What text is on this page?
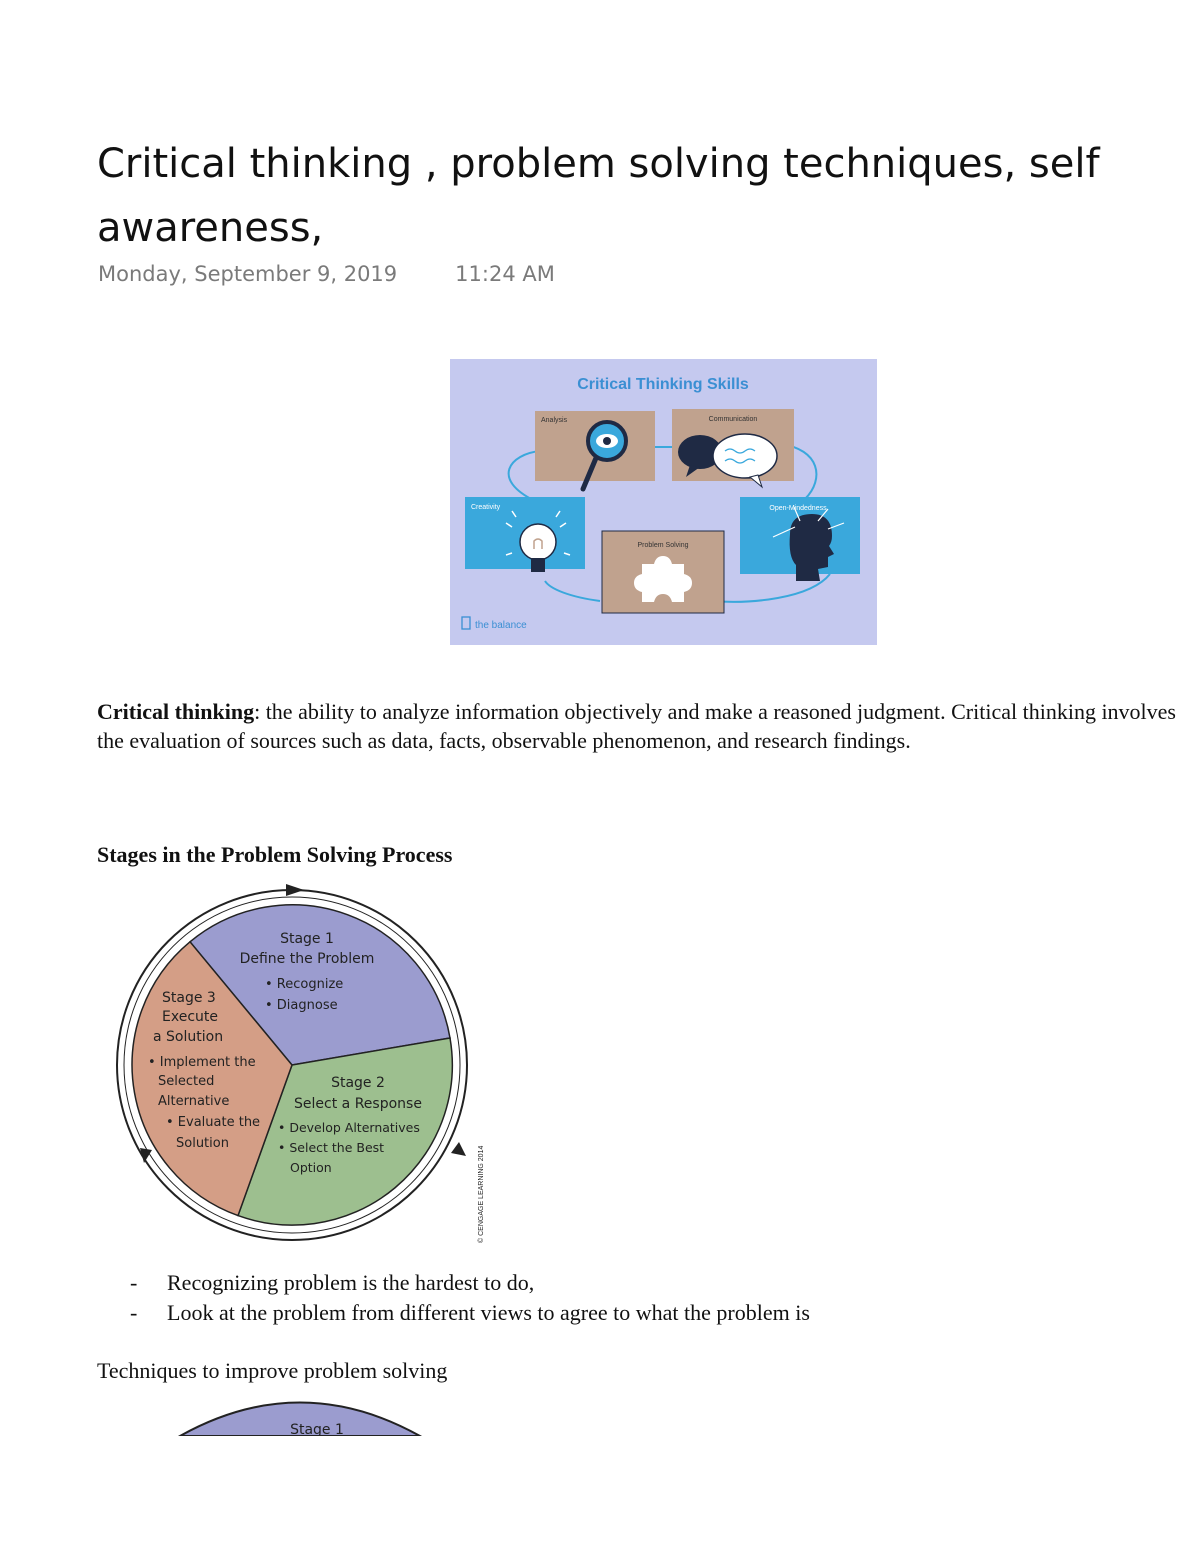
Critical thinking , problem solving techniques, self awareness,
Monday, September 9, 2019	11:24 AM
Critical Thinking Skills
Analysis	Communication
Creativity
Problem Solving
Open-Mindedness
the balance

Critical thinking: the ability to analyze information objectively and make a reasoned judgment. Critical thinking involves the evaluation of sources such as data, facts, observable phenomenon, and research findings.

Stages in the Problem Solving Process

Stage 1
Define the Problem
• Recognize
• Diagnose
Stage 2
Select a Response
• Develop Alternatives
• Select the Best
Option
Stage 3
Execute
a Solution
• Implement the
Selected
Alternative
• Evaluate the
Solution
© CENGAGE LEARNING 2014
- Recognizing problem is the hardest to do,
- Look at the problem from different views to agree to what the problem is

Techniques to improve problem solving

Stage 1
